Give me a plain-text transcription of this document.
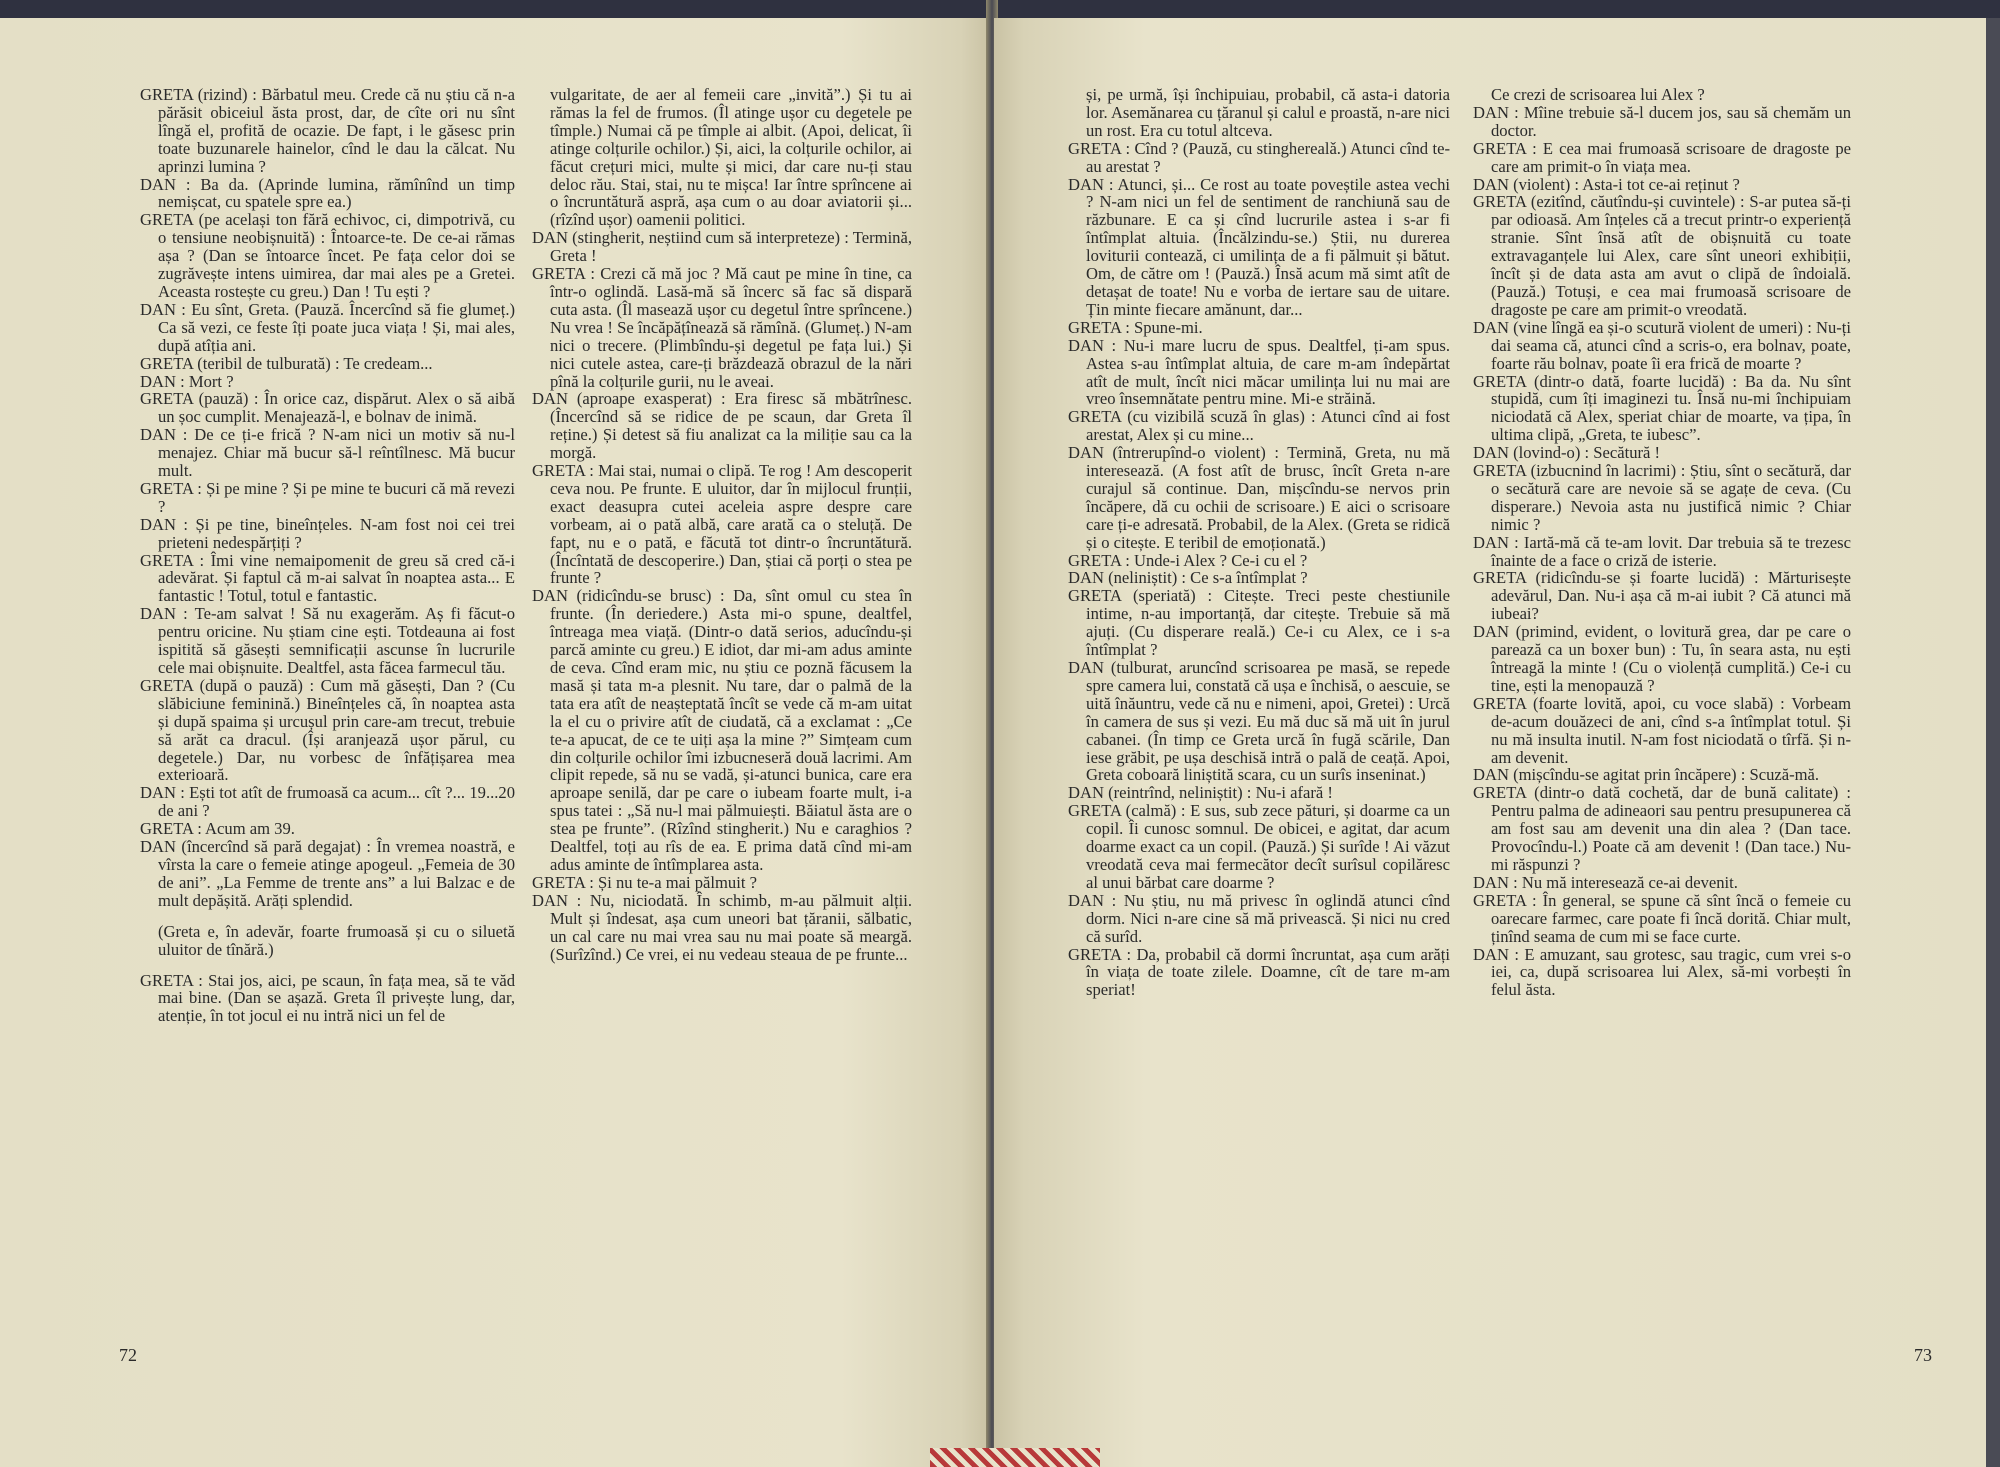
GRETA (rizind) : Bărbatul meu. Crede că nu știu că n-a părăsit obiceiul ăsta prost, dar, de cîte ori nu sînt lîngă el, profită de ocazie. De fapt, i le găsesc prin toate buzunarele hainelor, cînd le dau la călcat. Nu aprinzi lumina ?

DAN : Ba da. (Aprinde lumina, rămînînd un timp nemișcat, cu spatele spre ea.)

GRETA (pe același ton fără echivoc, ci, dimpotrivă, cu o tensiune neobișnuită) : Întoarce-te. De ce-ai rămas așa ? (Dan se întoarce încet. Pe fața celor doi se zugrăvește intens uimirea, dar mai ales pe a Gretei. Aceasta rostește cu greu.) Dan ! Tu ești ?

DAN : Eu sînt, Greta. (Pauză. Încercînd să fie glumeț.) Ca să vezi, ce feste îți poate juca viața ! Și, mai ales, după atîția ani.

GRETA (teribil de tulburată) : Te credeam...

DAN : Mort ?

GRETA (pauză) : În orice caz, dispărut. Alex o să aibă un șoc cumplit. Menajează-l, e bolnav de inimă.

DAN : De ce ți-e frică ? N-am nici un motiv să nu-l menajez. Chiar mă bucur să-l reîntîlnesc. Mă bucur mult.

GRETA : Și pe mine ? Și pe mine te bucuri că mă revezi ?

DAN : Și pe tine, bineînțeles. N-am fost noi cei trei prieteni nedespărțiți ?

GRETA : Îmi vine nemaipomenit de greu să cred că-i adevărat. Și faptul că m-ai salvat în noaptea asta... E fantastic ! Totul, totul e fantastic.

DAN : Te-am salvat ! Să nu exagerăm. Aș fi făcut-o pentru oricine. Nu știam cine ești. Totdeauna ai fost ispitită să găsești semnificații ascunse în lucrurile cele mai obișnuite. Dealtfel, asta făcea farmecul tău.

GRETA (după o pauză) : Cum mă găsești, Dan ? (Cu slăbiciune feminină.) Bineînțeles că, în noaptea asta și după spaima și urcușul prin care-am trecut, trebuie să arăt ca dracul. (Își aranjează ușor părul, cu degetele.) Dar, nu vorbesc de înfățișarea mea exterioară.

DAN : Ești tot atît de frumoasă ca acum... cît ?... 19...20 de ani ?

GRETA : Acum am 39.

DAN (încercînd să pară degajat) : În vremea noastră, e vîrsta la care o femeie atinge apogeul. „Femeia de 30 de ani”. „La Femme de trente ans” a lui Balzac e de mult depășită. Arăți splendid.

(Greta e, în adevăr, foarte frumoasă și cu o siluetă uluitor de tînără.)

GRETA : Stai jos, aici, pe scaun, în fața mea, să te văd mai bine. (Dan se așază. Greta îl privește lung, dar, atenție, în tot jocul ei nu intră nici un fel de

vulgaritate, de aer al femeii care „invită”.) Și tu ai rămas la fel de frumos. (Îl atinge ușor cu degetele pe tîmple.) Numai că pe tîmple ai albit. (Apoi, delicat, îi atinge colțurile ochilor.) Și, aici, la colțurile ochilor, ai făcut crețuri mici, multe și mici, dar care nu-ți stau deloc rău. Stai, stai, nu te mișca! Iar între sprîncene ai o încruntătură aspră, așa cum o au doar aviatorii și... (rîzînd ușor) oamenii politici.

DAN (stingherit, neștiind cum să interpreteze) : Termină, Greta !

GRETA : Crezi că mă joc ? Mă caut pe mine în tine, ca într-o oglindă. Lasă-mă să încerc să fac să dispară cuta asta. (Îl masează ușor cu degetul între sprîncene.) Nu vrea ! Se încăpățînează să rămînă. (Glumeț.) N-am nici o trecere. (Plimbîndu-și degetul pe fața lui.) Și nici cutele astea, care-ți brăzdează obrazul de la nări pînă la colțurile gurii, nu le aveai.

DAN (aproape exasperat) : Era firesc să mbătrînesc. (Încercînd să se ridice de pe scaun, dar Greta îl reține.) Și detest să fiu analizat ca la miliție sau ca la morgă.

GRETA : Mai stai, numai o clipă. Te rog ! Am descoperit ceva nou. Pe frunte. E uluitor, dar în mijlocul frunții, exact deasupra cutei aceleia aspre despre care vorbeam, ai o pată albă, care arată ca o steluță. De fapt, nu e o pată, e făcută tot dintr-o încruntătură. (Încîntată de descoperire.) Dan, știai că porți o stea pe frunte ?

DAN (ridicîndu-se brusc) : Da, sînt omul cu stea în frunte. (În deriedere.) Asta mi-o spune, dealtfel, întreaga mea viață. (Dintr-o dată serios, aducîndu-și parcă aminte cu greu.) E idiot, dar mi-am adus aminte de ceva. Cînd eram mic, nu știu ce poznă făcusem la masă și tata m-a plesnit. Nu tare, dar o palmă de la tata era atît de neașteptată încît se vede că m-am uitat la el cu o privire atît de ciudată, că a exclamat : „Ce te-a apucat, de ce te uiți așa la mine ?” Simțeam cum din colțurile ochilor îmi izbucneseră două lacrimi. Am clipit repede, să nu se vadă, și-atunci bunica, care era aproape senilă, dar pe care o iubeam foarte mult, i-a spus tatei : „Să nu-l mai pălmuiești. Băiatul ăsta are o stea pe frunte”. (Rîzînd stingherit.) Nu e caraghios ? Dealtfel, toți au rîs de ea. E prima dată cînd mi-am adus aminte de întîmplarea asta.

GRETA : Și nu te-a mai pălmuit ?

DAN : Nu, niciodată. În schimb, m-au pălmuit alții. Mult și îndesat, așa cum uneori bat țăranii, sălbatic, un cal care nu mai vrea sau nu mai poate să meargă. (Surîzînd.) Ce vrei, ei nu vedeau steaua de pe frunte...

72

și, pe urmă, își închipuiau, probabil, că asta-i datoria lor. Asemănarea cu țăranul și calul e proastă, n-are nici un rost. Era cu totul altceva.

GRETA : Cînd ? (Pauză, cu stingherealǎ.) Atunci cînd te-au arestat ?

DAN : Atunci, și... Ce rost au toate poveștile astea vechi ? N-am nici un fel de sentiment de ranchiună sau de răzbunare. E ca și cînd lucrurile astea i s-ar fi întîmplat altuia. (Încălzindu-se.) Știi, nu durerea loviturii contează, ci umilința de a fi pălmuit și bătut. Om, de către om ! (Pauză.) Însă acum mă simt atît de detașat de toate! Nu e vorba de iertare sau de uitare. Țin minte fiecare amănunt, dar...

GRETA : Spune-mi.

DAN : Nu-i mare lucru de spus. Dealtfel, ți-am spus. Astea s-au întîmplat altuia, de care m-am îndepărtat atît de mult, încît nici măcar umilința lui nu mai are vreo însemnătate pentru mine. Mi-e străină.

GRETA (cu vizibilă scuză în glas) : Atunci cînd ai fost arestat, Alex și cu mine...

DAN (întrerupînd-o violent) : Termină, Greta, nu mă interesează. (A fost atît de brusc, încît Greta n-are curajul să continue. Dan, mișcîndu-se nervos prin încăpere, dă cu ochii de scrisoare.) E aici o scrisoare care ți-e adresată. Probabil, de la Alex. (Greta se ridică și o citește. E teribil de emoționată.)

GRETA : Unde-i Alex ? Ce-i cu el ?

DAN (neliniștit) : Ce s-a întîmplat ?

GRETA (speriată) : Citește. Treci peste chestiunile intime, n-au importanță, dar citește. Trebuie să mă ajuți. (Cu disperare reală.) Ce-i cu Alex, ce i s-a întîmplat ?

DAN (tulburat, aruncînd scrisoarea pe masă, se repede spre camera lui, constată că ușa e închisă, o aescuie, se uită înăuntru, vede că nu e nimeni, apoi, Gretei) : Urcă în camera de sus și vezi. Eu mă duc să mă uit în jurul cabanei. (În timp ce Greta urcă în fugă scările, Dan iese grăbit, pe ușa deschisă intră o pală de ceață. Apoi, Greta coboară liniștită scara, cu un surîs inseninat.)

DAN (reintrînd, neliniștit) : Nu-i afară !

GRETA (calmă) : E sus, sub zece pături, și doarme ca un copil. Îi cunosc somnul. De obicei, e agitat, dar acum doarme exact ca un copil. (Pauză.) Și surîde ! Ai văzut vreodată ceva mai fermecător decît surîsul copilăresc al unui bărbat care doarme ?

DAN : Nu știu, nu mă privesc în oglindă atunci cînd dorm. Nici n-are cine să mă privească. Și nici nu cred că surîd.

GRETA : Da, probabil că dormi încruntat, așa cum arăți în viața de toate zilele. Doamne, cît de tare m-am speriat!

Ce crezi de scrisoarea lui Alex ?

DAN : Mîine trebuie să-l ducem jos, sau să chemăm un doctor.

GRETA : E cea mai frumoasă scrisoare de dragoste pe care am primit-o în viața mea.

DAN (violent) : Asta-i tot ce-ai reținut ?

GRETA (ezitînd, căutîndu-și cuvintele) : S-ar putea să-ți par odioasă. Am înțeles că a trecut printr-o experiență stranie. Sînt însă atît de obișnuită cu toate extravaganțele lui Alex, care sînt uneori exhibiții, încît și de data asta am avut o clipă de îndoială. (Pauză.) Totuși, e cea mai frumoasă scrisoare de dragoste pe care am primit-o vreodată.

DAN (vine lîngă ea și-o scutură violent de umeri) : Nu-ți dai seama că, atunci cînd a scris-o, era bolnav, poate, foarte rău bolnav, poate îi era frică de moarte ?

GRETA (dintr-o dată, foarte lucidă) : Ba da. Nu sînt stupidă, cum îți imaginezi tu. Însă nu-mi închipuiam niciodată că Alex, speriat chiar de moarte, va țipa, în ultima clipă, „Greta, te iubesc”.

DAN (lovind-o) : Secătură !

GRETA (izbucnind în lacrimi) : Știu, sînt o secătură, dar o secătură care are nevoie să se agațe de ceva. (Cu disperare.) Nevoia asta nu justifică nimic ? Chiar nimic ?

DAN : Iartă-mă că te-am lovit. Dar trebuia să te trezesc înainte de a face o criză de isterie.

GRETA (ridicîndu-se și foarte lucidă) : Mărturisește adevărul, Dan. Nu-i așa că m-ai iubit ? Că atunci mă iubeai?

DAN (primind, evident, o lovitură grea, dar pe care o parează ca un boxer bun) : Tu, în seara asta, nu ești întreagă la minte ! (Cu o violență cumplită.) Ce-i cu tine, ești la menopauză ?

GRETA (foarte lovită, apoi, cu voce slabă) : Vorbeam de-acum douăzeci de ani, cînd s-a întîmplat totul. Și nu mă insulta inutil. N-am fost niciodată o tîrfă. Și n-am devenit.

DAN (mișcîndu-se agitat prin încăpere) : Scuză-mă.

GRETA (dintr-o dată cochetă, dar de bună calitate) : Pentru palma de adineaori sau pentru presupunerea că am fost sau am devenit una din alea ? (Dan tace. Provocîndu-l.) Poate că am devenit ! (Dan tace.) Nu-mi răspunzi ?

DAN : Nu mă interesează ce-ai devenit.

GRETA : În general, se spune că sînt încă o femeie cu oarecare farmec, care poate fi încă dorită. Chiar mult, ținînd seama de cum mi se face curte.

DAN : E amuzant, sau grotesc, sau tragic, cum vrei s-o iei, ca, după scrisoarea lui Alex, să-mi vorbești în felul ăsta.

73
